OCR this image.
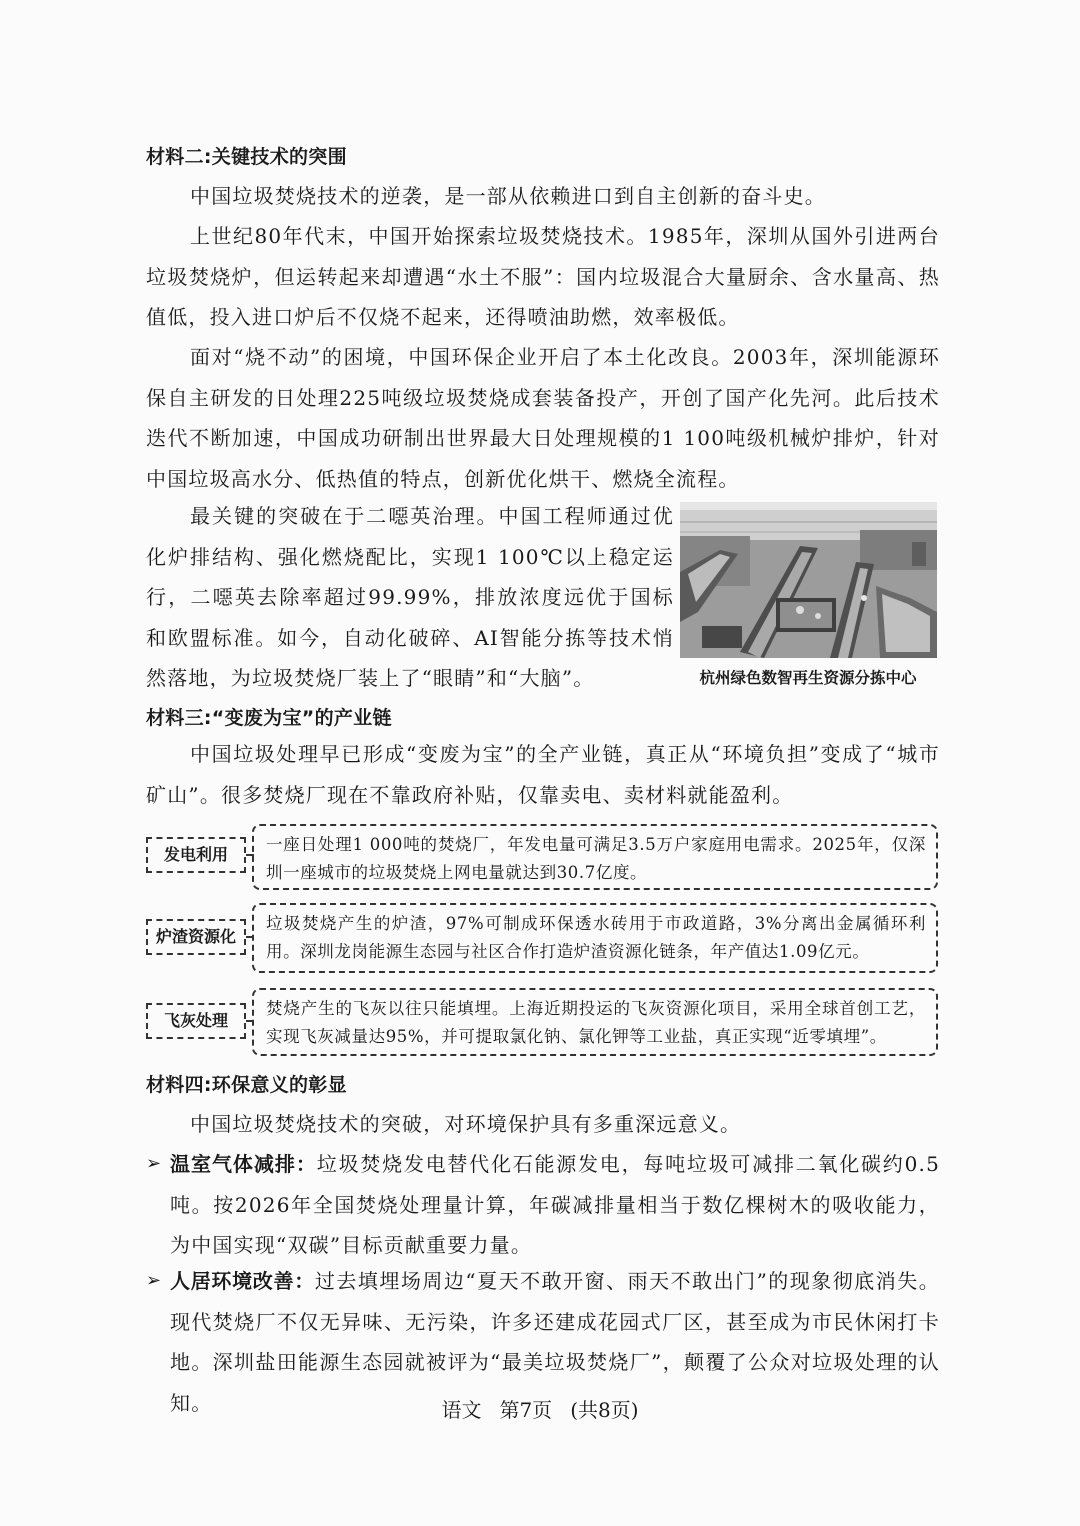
材料二:关键技术的突围
中国垃圾焚烧技术的逆袭，是一部从依赖进口到自主创新的奋斗史。
上世纪80年代末，中国开始探索垃圾焚烧技术。1985年，深圳从国外引进两台垃圾焚烧炉，但运转起来却遭遇“水土不服”：国内垃圾混合大量厨余、含水量高、热值低，投入进口炉后不仅烧不起来，还得喷油助燃，效率极低。
面对“烧不动”的困境，中国环保企业开启了本土化改良。2003年，深圳能源环保自主研发的日处理225吨级垃圾焚烧成套装备投产，开创了国产化先河。此后技术迭代不断加速，中国成功研制出世界最大日处理规模的1 100吨级机械炉排炉，针对中国垃圾高水分、低热值的特点，创新优化烘干、燃烧全流程。
最关键的突破在于二噁英治理。中国工程师通过优化炉排结构、强化燃烧配比，实现1 100℃以上稳定运行，二噁英去除率超过99.99%，排放浓度远优于国标和欧盟标准。如今，自动化破碎、AI智能分拣等技术悄然落地，为垃圾焚烧厂装上了“眼睛”和“大脑”。	杭州绿色数智再生资源分拣中心
材料三:“变废为宝”的产业链
中国垃圾处理早已形成“变废为宝”的全产业链，真正从“环境负担”变成了“城市矿山”。很多焚烧厂现在不靠政府补贴，仅靠卖电、卖材料就能盈利。
发电利用
一座日处理1 000吨的焚烧厂，年发电量可满足3.5万户家庭用电需求。2025年，仅深圳一座城市的垃圾焚烧上网电量就达到30.7亿度。
炉渣资源化
垃圾焚烧产生的炉渣，97%可制成环保透水砖用于市政道路，3%分离出金属循环利用。深圳龙岗能源生态园与社区合作打造炉渣资源化链条，年产值达1.09亿元。
飞灰处理
焚烧产生的飞灰以往只能填埋。上海近期投运的飞灰资源化项目，采用全球首创工艺，实现飞灰减量达95%，并可提取氯化钠、氯化钾等工业盐，真正实现“近零填埋”。
材料四:环保意义的彰显
中国垃圾焚烧技术的突破，对环境保护具有多重深远意义。
➢ 温室气体减排：垃圾焚烧发电替代化石能源发电，每吨垃圾可减排二氧化碳约0.5吨。按2026年全国焚烧处理量计算，年碳减排量相当于数亿棵树木的吸收能力，为中国实现“双碳”目标贡献重要力量。
➢ 人居环境改善：过去填埋场周边“夏天不敢开窗、雨天不敢出门”的现象彻底消失。现代焚烧厂不仅无异味、无污染，许多还建成花园式厂区，甚至成为市民休闲打卡地。深圳盐田能源生态园就被评为“最美垃圾焚烧厂”，颠覆了公众对垃圾处理的认知。	语文 第7页 (共8页)
